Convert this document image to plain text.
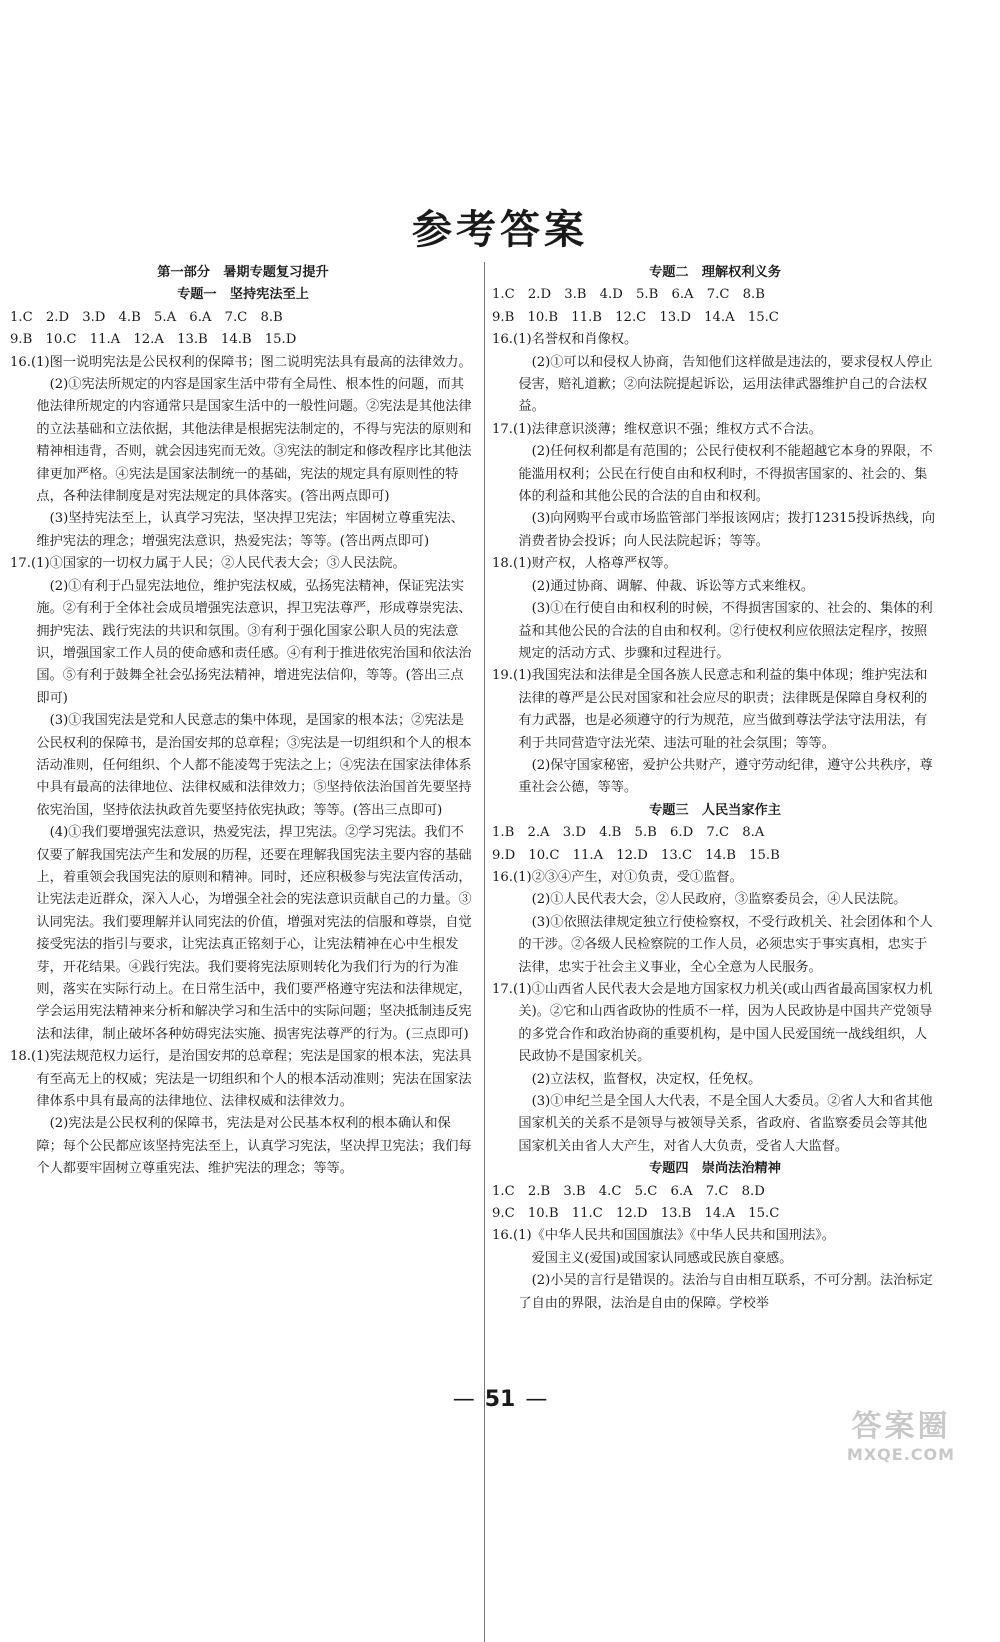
参考答案

第一部分　暑期专题复习提升

专题一　坚持宪法至上

1.C　2.D　3.D　4.B　5.A　6.A　7.C　8.B

9.B　10.C　11.A　12.A　13.B　14.B　15.D

16.(1)图一说明宪法是公民权利的保障书；图二说明宪法具有最高的法律效力。

(2)①宪法所规定的内容是国家生活中带有全局性、根本性的问题，而其他法律所规定的内容通常只是国家生活中的一般性问题。②宪法是其他法律的立法基础和立法依据，其他法律是根据宪法制定的，不得与宪法的原则和精神相违背，否则，就会因违宪而无效。③宪法的制定和修改程序比其他法律更加严格。④宪法是国家法制统一的基础，宪法的规定具有原则性的特点，各种法律制度是对宪法规定的具体落实。(答出两点即可)

(3)坚持宪法至上，认真学习宪法，坚决捍卫宪法；牢固树立尊重宪法、维护宪法的理念；增强宪法意识，热爱宪法；等等。(答出两点即可)

17.(1)①国家的一切权力属于人民；②人民代表大会；③人民法院。

(2)①有利于凸显宪法地位，维护宪法权威，弘扬宪法精神，保证宪法实施。②有利于全体社会成员增强宪法意识，捍卫宪法尊严，形成尊崇宪法、拥护宪法、践行宪法的共识和氛围。③有利于强化国家公职人员的宪法意识，增强国家工作人员的使命感和责任感。④有利于推进依宪治国和依法治国。⑤有利于鼓舞全社会弘扬宪法精神，增进宪法信仰，等等。(答出三点即可)

(3)①我国宪法是党和人民意志的集中体现，是国家的根本法；②宪法是公民权利的保障书，是治国安邦的总章程；③宪法是一切组织和个人的根本活动准则，任何组织、个人都不能凌驾于宪法之上；④宪法在国家法律体系中具有最高的法律地位、法律权威和法律效力；⑤坚持依法治国首先要坚持依宪治国，坚持依法执政首先要坚持依宪执政；等等。(答出三点即可)

(4)①我们要增强宪法意识，热爱宪法，捍卫宪法。②学习宪法。我们不仅要了解我国宪法产生和发展的历程，还要在理解我国宪法主要内容的基础上，着重领会我国宪法的原则和精神。同时，还应积极参与宪法宣传活动，让宪法走近群众，深入人心，为增强全社会的宪法意识贡献自己的力量。③认同宪法。我们要理解并认同宪法的价值，增强对宪法的信服和尊崇，自觉接受宪法的指引与要求，让宪法真正铭刻于心，让宪法精神在心中生根发芽，开花结果。④践行宪法。我们要将宪法原则转化为我们行为的行为准则，落实在实际行动上。在日常生活中，我们要严格遵守宪法和法律规定，学会运用宪法精神来分析和解决学习和生活中的实际问题；坚决抵制违反宪法和法律，制止破坏各种妨碍宪法实施、损害宪法尊严的行为。(三点即可)

18.(1)宪法规范权力运行，是治国安邦的总章程；宪法是国家的根本法，宪法具有至高无上的权威；宪法是一切组织和个人的根本活动准则；宪法在国家法律体系中具有最高的法律地位、法律权威和法律效力。

(2)宪法是公民权利的保障书，宪法是对公民基本权利的根本确认和保障；每个公民都应该坚持宪法至上，认真学习宪法，坚决捍卫宪法；我们每个人都要牢固树立尊重宪法、维护宪法的理念；等等。

专题二　理解权利义务

1.C　2.D　3.B　4.D　5.B　6.A　7.C　8.B

9.B　10.B　11.B　12.C　13.D　14.A　15.C

16.(1)名誉权和肖像权。

(2)①可以和侵权人协商，告知他们这样做是违法的，要求侵权人停止侵害，赔礼道歉；②向法院提起诉讼，运用法律武器维护自己的合法权益。

17.(1)法律意识淡薄；维权意识不强；维权方式不合法。

(2)任何权利都是有范围的；公民行使权利不能超越它本身的界限，不能滥用权利；公民在行使自由和权利时，不得损害国家的、社会的、集体的利益和其他公民的合法的自由和权利。

(3)向网购平台或市场监管部门举报该网店；拨打12315投诉热线，向消费者协会投诉；向人民法院起诉；等等。

18.(1)财产权，人格尊严权等。

(2)通过协商、调解、仲裁、诉讼等方式来维权。

(3)①在行使自由和权利的时候，不得损害国家的、社会的、集体的利益和其他公民的合法的自由和权利。②行使权利应依照法定程序，按照规定的活动方式、步骤和过程进行。

19.(1)我国宪法和法律是全国各族人民意志和利益的集中体现；维护宪法和法律的尊严是公民对国家和社会应尽的职责；法律既是保障自身权利的有力武器，也是必须遵守的行为规范，应当做到尊法学法守法用法，有利于共同营造守法光荣、违法可耻的社会氛围；等等。

(2)保守国家秘密，爱护公共财产，遵守劳动纪律，遵守公共秩序，尊重社会公德，等等。

专题三　人民当家作主

1.B　2.A　3.D　4.B　5.B　6.D　7.C　8.A

9.D　10.C　11.A　12.D　13.C　14.B　15.B

16.(1)②③④产生，对①负责，受①监督。

(2)①人民代表大会，②人民政府，③监察委员会，④人民法院。

(3)①依照法律规定独立行使检察权，不受行政机关、社会团体和个人的干涉。②各级人民检察院的工作人员，必须忠实于事实真相，忠实于法律，忠实于社会主义事业，全心全意为人民服务。

17.(1)①山西省人民代表大会是地方国家权力机关(或山西省最高国家权力机关)。②它和山西省政协的性质不一样，因为人民政协是中国共产党领导的多党合作和政治协商的重要机构，是中国人民爱国统一战线组织，人民政协不是国家机关。

(2)立法权，监督权，决定权，任免权。

(3)①申纪兰是全国人大代表，不是全国人大委员。②省人大和省其他国家机关的关系不是领导与被领导关系，省政府、省监察委员会等其他国家机关由省人大产生，对省人大负责，受省人大监督。

专题四　崇尚法治精神

1.C　2.B　3.B　4.C　5.C　6.A　7.C　8.D

9.C　10.B　11.C　12.D　13.B　14.A　15.C

16.(1)《中华人民共和国国旗法》《中华人民共和国刑法》。

爱国主义(爱国)或国家认同感或民族自豪感。

(2)小吴的言行是错误的。法治与自由相互联系，不可分割。法治标定了自由的界限，法治是自由的保障。学校举

— 51 —
答案圈
MXQE.COM
